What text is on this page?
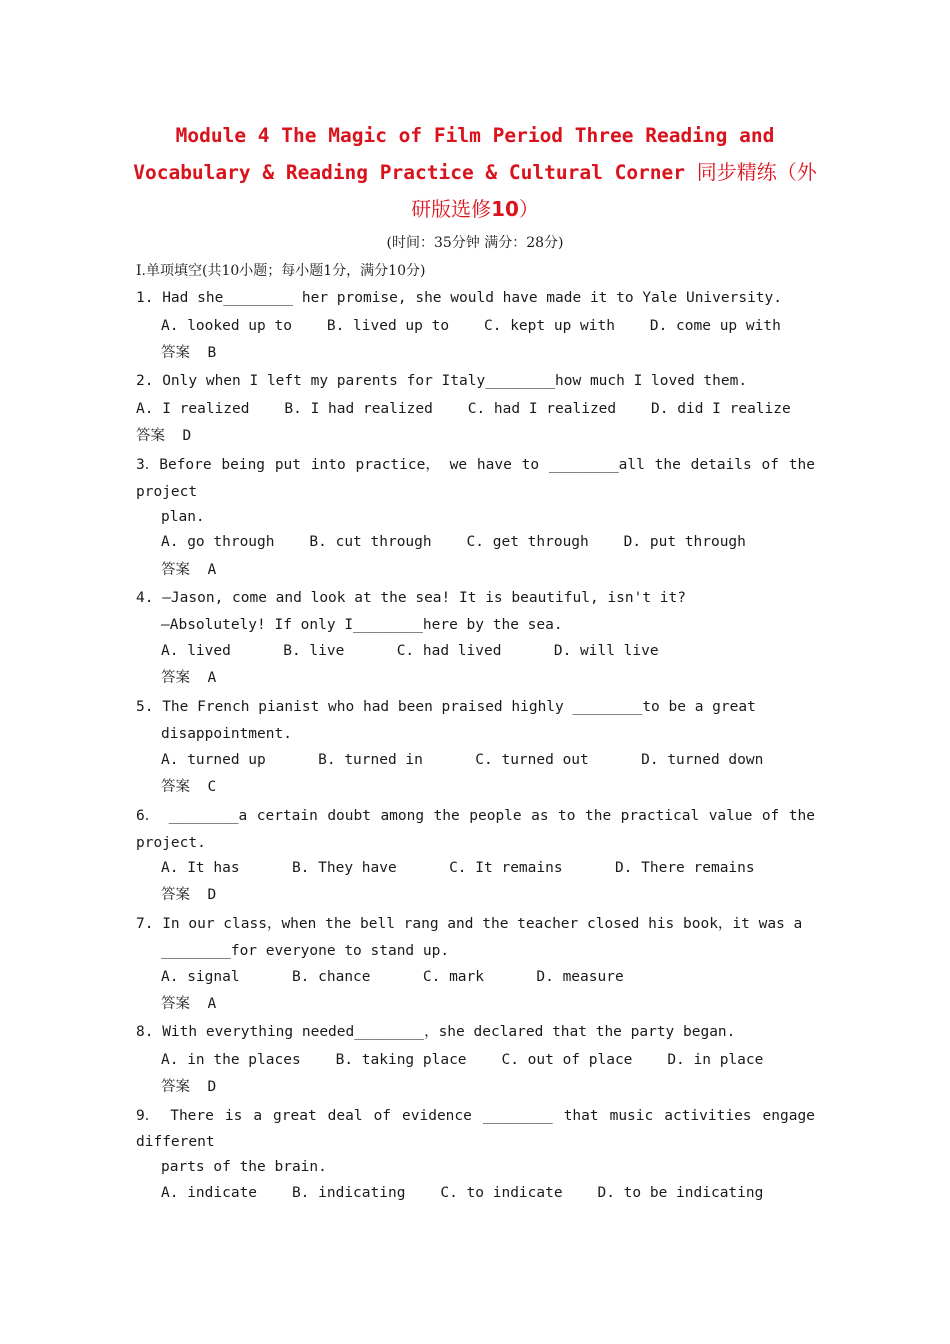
Module 4 The Magic of Film Period Three Reading and
Vocabulary & Reading Practice & Cultural Corner 同步精练（外
研版选修10）
(时间：35分钟 满分：28分)
Ⅰ.单项填空(共10小题；每小题1分，满分10分)
1. Had she________ her promise, she would have made it to Yale University.
A. looked up to    B. lived up to    C. kept up with    D. come up with
答案 B
2. Only when I left my parents for Italy________how much I loved them.
A. I realized    B. I had realized    C. had I realized    D. did I realize
答案 D
3．Before being put into practice， we have to ________all the details of the
project
plan.
A. go through    B. cut through    C. get through    D. put through
答案 A
4. —Jason, come and look at the sea! It is beautiful, isn't it?
—Absolutely! If only I________here by the sea.
A. lived      B. live      C. had lived      D. will live
答案 A
5. The French pianist who had been praised highly ________to be a great
disappointment.
A. turned up      B. turned in      C. turned out      D. turned down
答案 C
6． ________a certain doubt among the people as to the practical value of the
project.
A. It has      B. They have      C. It remains      D. There remains
答案 D
7. In our class，when the bell rang and the teacher closed his book，it was a
________for everyone to stand up.
A. signal      B. chance      C. mark      D. measure
答案 A
8. With everything needed________，she declared that the party began.
A. in the places    B. taking place    C. out of place    D. in place
答案 D
9． There is a great deal of evidence ________ that music activities engage
different
parts of the brain.
A. indicate    B. indicating    C. to indicate    D. to be indicating
